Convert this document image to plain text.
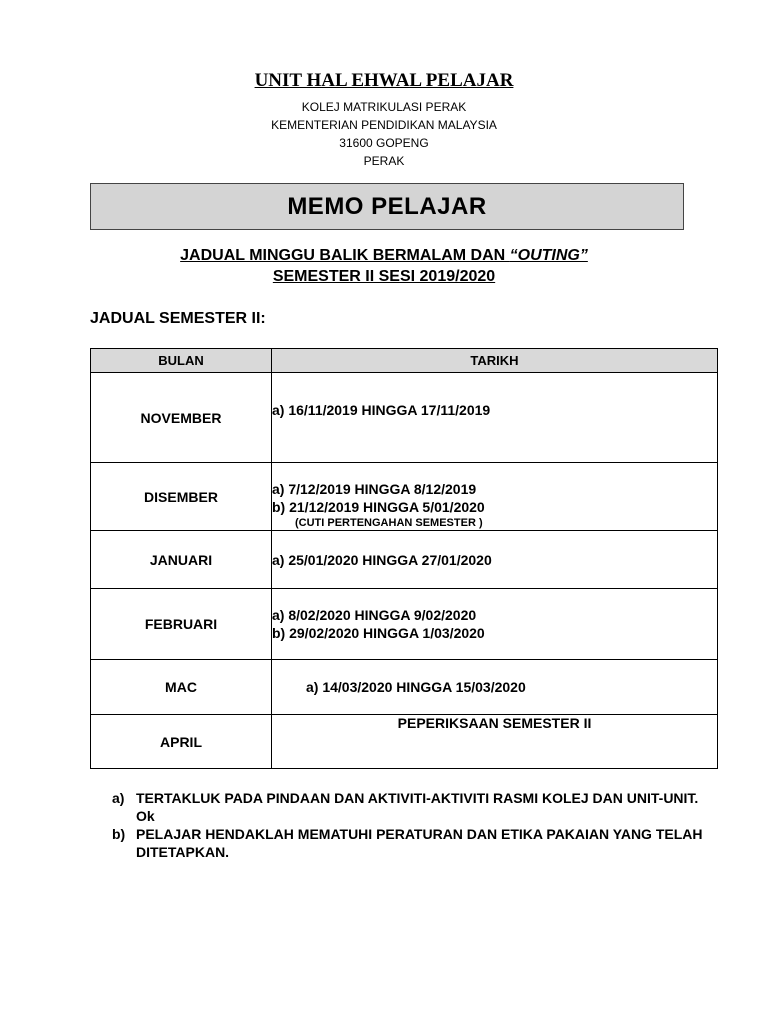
UNIT HAL EHWAL PELAJAR
KOLEJ MATRIKULASI PERAK
KEMENTERIAN PENDIDIKAN MALAYSIA
31600 GOPENG
PERAK
MEMO PELAJAR
JADUAL MINGGU BALIK BERMALAM DAN “OUTING”
SEMESTER II SESI 2019/2020
JADUAL SEMESTER II:
BULAN	TARIKH
NOVEMBER	a) 16/11/2019 HINGGA 17/11/2019

DISEMBER	a) 7/12/2019 HINGGA 8/12/2019
b) 21/12/2019 HINGGA 5/01/2020
(CUTI PERTENGAHAN SEMESTER )

JANUARI	a) 25/01/2020 HINGGA 27/01/2020

FEBRUARI	a) 8/02/2020 HINGGA 9/02/2020
b) 29/02/2020 HINGGA 1/03/2020

MAC	a) 14/03/2020 HINGGA 15/03/2020

APRIL	PEPERIKSAAN SEMESTER II
a) TERTAKLUK PADA PINDAAN DAN AKTIVITI-AKTIVITI RASMI KOLEJ DAN UNIT-UNIT.
Ok
b) PELAJAR HENDAKLAH MEMATUHI PERATURAN DAN ETIKA PAKAIAN YANG TELAH DITETAPKAN.
